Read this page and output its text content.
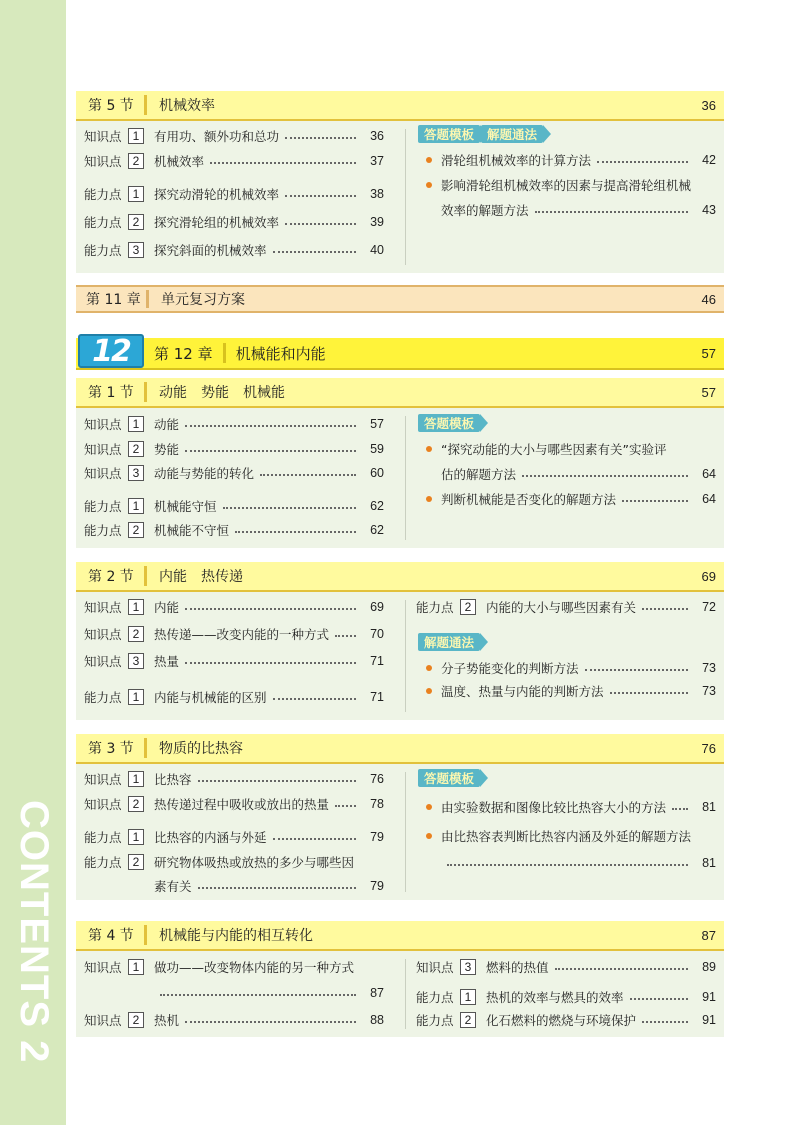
CONTENTS 2
第 5 节	机械效率	36
知识点 1	有用功、额外功和总功	36
知识点 2	机械效率	37
能力点 1	探究动滑轮的机械效率	38
能力点 2	探究滑轮组的机械效率	39
能力点 3	探究斜面的机械效率	40
答题模板	解题通法
滑轮组机械效率的计算方法	42
影响滑轮组机械效率的因素与提高滑轮组机械
效率的解题方法	43
第 11 章	单元复习方案	46
12	第 12 章 机械能和内能	57
第 1 节	动能　势能　机械能	57
知识点 1	动能	57
知识点 2	势能	59
知识点 3	动能与势能的转化	60
能力点 1	机械能守恒	62
能力点 2	机械能不守恒	62
答题模板
“探究动能的大小与哪些因素有关”实验评
估的解题方法	64
判断机械能是否变化的解题方法	64
第 2 节	内能　热传递	69
知识点 1	内能	69
知识点 2	热传递——改变内能的一种方式	70
知识点 3	热量	71
能力点 1	内能与机械能的区别	71
能力点 2	内能的大小与哪些因素有关	72
解题通法
分子势能变化的判断方法	73
温度、热量与内能的判断方法	73
第 3 节	物质的比热容	76
知识点 1	比热容	76
知识点 2	热传递过程中吸收或放出的热量	78
能力点 1	比热容的内涵与外延	79
能力点 2	研究物体吸热或放热的多少与哪些因
素有关	79
答题模板
由实验数据和图像比较比热容大小的方法	81
由比热容表判断比热容内涵及外延的解题方法
81
第 4 节	机械能与内能的相互转化	87
知识点 1	做功——改变物体内能的另一种方式
87
知识点 2	热机	88
知识点 3	燃料的热值	89
能力点 1	热机的效率与燃具的效率	91
能力点 2	化石燃料的燃烧与环境保护	91
